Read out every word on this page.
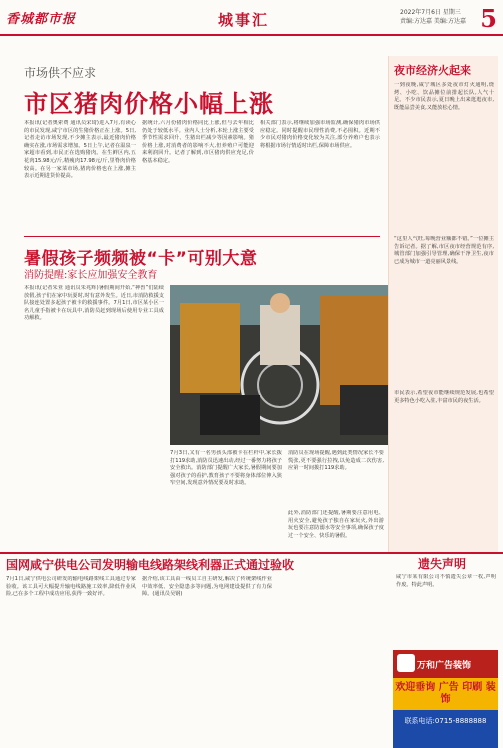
香城都市报	城事汇	2022年7月6日 星期三
责编:方达嘉 美编:方达嘉 5
市场供不应求
市区猪肉价格小幅上涨
本报讯(记者奥索费 通讯员宋琦)进入7月,有读心的市民发现,咸宁市区的生猪价格正在上涨。5日,记者走访市场发现,不少摊主表示,最近猪肉价格确实在涨,市场需求增加。5日上午,记者在温泉一家超市看到,市民正在选购猪肉。在生鲜区内,五花肉15.98元/斤,精瘦肉17.98元/斤,里脊肉价格较高。在另一家菜市场,猪肉价格也在上涨,摊主表示近期进货价提高。
据统计,六月份猪肉价格同比上涨,但与去年相比仍处于较低水平。业内人士分析,本轮上涨主要受季节性需求回升、生猪出栏减少等因素影响。猪价格上涨,对消费者的影响不大,但养殖户可能迎来利润回升。记者了解到,市区猪肉供应充足,价格基本稳定。
相关部门表示,将继续加强市场监测,确保猪肉市场供应稳定。同时提醒市民理性消费,不必囤积。近期不少市民对猪肉价格变化较为关注,部分养殖户也表示将根据市场行情适时出栏,保障市场供应。
暑假孩子频频被“卡”可别大意
消防提醒:家长应加强安全教育
本报讯(记者朱亚 通讯员朱兆辉)暑假期间开始,“神兽”们陆续放假,孩子们在家中玩耍时,时有意外发生。近日,市消防救援支队接连处置多起孩子被卡的救援事件。7月1日,市区某小区一名儿童手指被卡在玩具中,消防员赶到现场后使用专业工具成功解救。
7月3日,又有一名男孩头部被卡在栏杆中,家长拨打119求助,消防员迅速出动,经过一番努力将孩子安全救出。消防部门提醒广大家长,暑假期间要加强对孩子的看护,教育孩子不要将身体部位伸入狭窄空间,发现意外情况要及时求助。
消防员在现场提醒,遇到此类情况家长不要慌张,更不要强行拉拽,以免造成二次伤害,应第一时间拨打119求助。
此外,消防部门还提醒,暑期要注意用电、用火安全,避免孩子独自在家玩火,外出游玩也要注意防溺水等安全事项,确保孩子度过一个安全、快乐的暑假。
夜市经济火起来
一到夜晚,咸宁城区多处夜市灯火通明,烧烤、小吃、饮品摊位前排起长队,人气十足。不少市民表示,夏日晚上出来逛逛夜市,既能品尝美食,又能放松心情。
“这里人气旺,每晚营业额都不错。”一位摊主告诉记者。据了解,市区夜市经营规范有序,城管部门加强引导管理,确保干净卫生,夜市已成为城市一道亮丽风景线。
市民表示,希望夜市能继续规范发展,也希望更多特色小吃入驻,丰富市民的夜生活。
国网咸宁供电公司发明输电线路架线利器正式通过验收
7月1日,咸宁供电公司研发的输电线路架线工具通过专家验收。该工具可大幅提升输电线路施工效率,降低作业风险,已在多个工程中成功应用,获得一致好评。
据介绍,该工具由一线员工自主研发,解决了传统架线作业中效率低、安全隐患多等问题,为电网建设提供了有力保障。(通讯员吴钢)
遗失声明
咸宁市某有限公司不慎遗失公章一枚,声明作废。特此声明。
万和广告装饰
欢迎垂询 广告 印刷 装饰
联系电话:0715-8888888
